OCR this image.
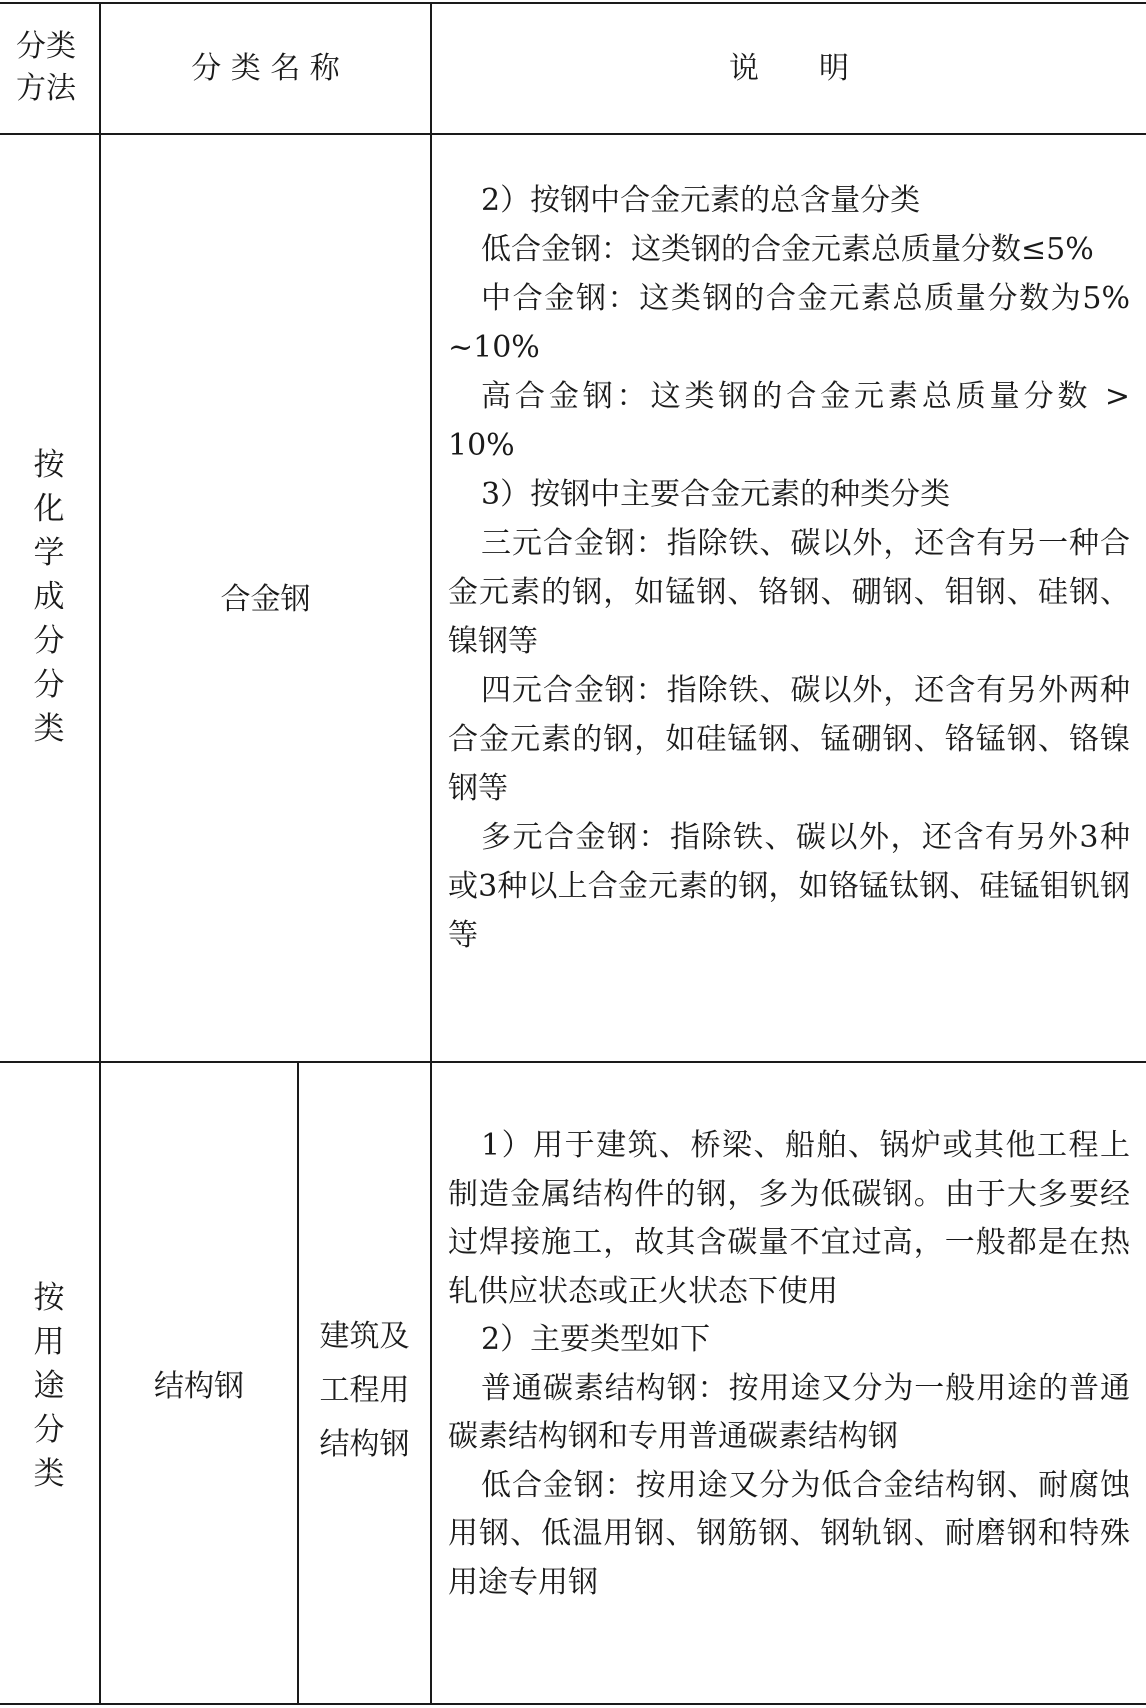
分类
方法
分 类 名 称	说　　明
按
化
学
成
分
分
类
合金钢

2）按钢中合金元素的总含量分类

低合金钢：这类钢的合金元素总质量分数≤5%

中合金钢：这类钢的合金元素总质量分数为5% ~10%

高合金钢：这类钢的合金元素总质量分数 > 10%

3）按钢中主要合金元素的种类分类

三元合金钢：指除铁、碳以外，还含有另一种合金元素的钢，如锰钢、铬钢、硼钢、钼钢、硅钢、镍钢等

四元合金钢：指除铁、碳以外，还含有另外两种合金元素的钢，如硅锰钢、锰硼钢、铬锰钢、铬镍钢等

多元合金钢：指除铁、碳以外，还含有另外3种或3种以上合金元素的钢，如铬锰钛钢、硅锰钼钒钢等

按
用
途
分
类
结构钢
建筑及
工程用
结构钢

1）用于建筑、桥梁、船舶、锅炉或其他工程上制造金属结构件的钢，多为低碳钢。由于大多要经过焊接施工，故其含碳量不宜过高，一般都是在热轧供应状态或正火状态下使用

2）主要类型如下

普通碳素结构钢：按用途又分为一般用途的普通碳素结构钢和专用普通碳素结构钢

低合金钢：按用途又分为低合金结构钢、耐腐蚀用钢、低温用钢、钢筋钢、钢轨钢、耐磨钢和特殊用途专用钢
